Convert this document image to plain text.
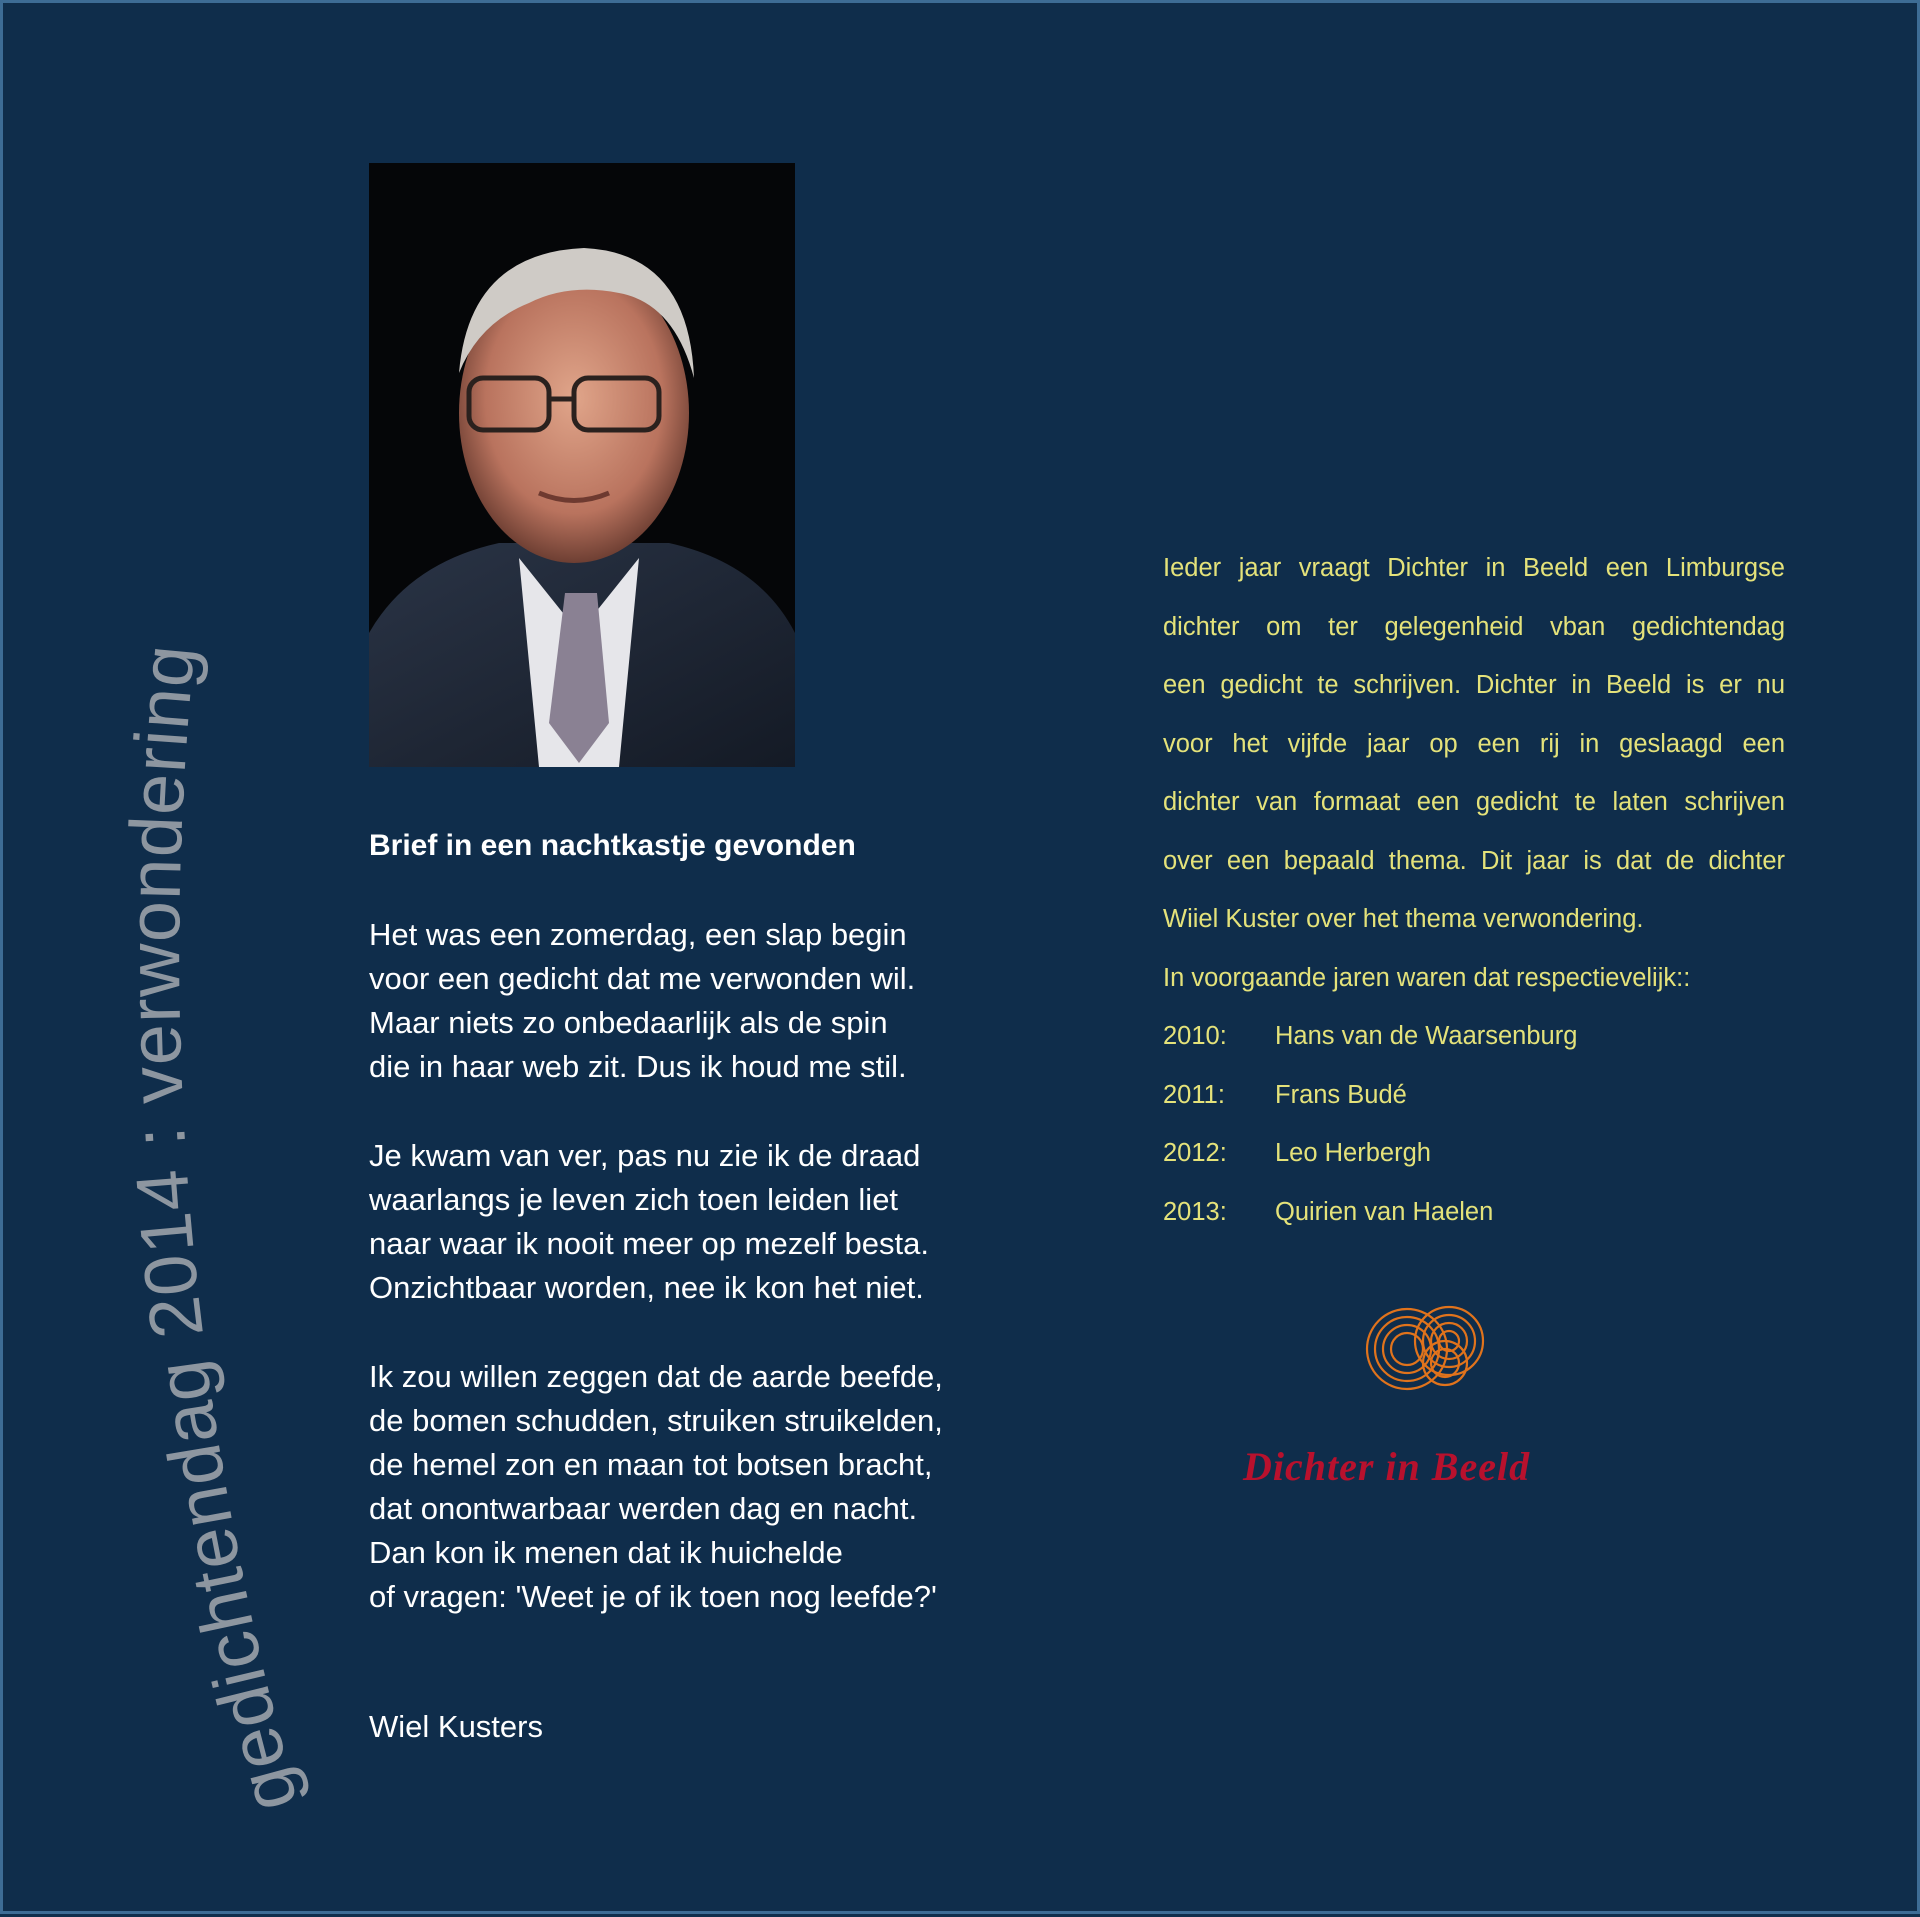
gedichtendag 2014 : verwondering
Brief in een nachtkastje gevonden
Het was een zomerdag, een slap begin
voor een gedicht dat me verwonden wil.
Maar niets zo onbedaarlijk als de spin
die in haar web zit. Dus ik houd me stil.
Je kwam van ver, pas nu zie ik de draad
waarlangs je leven zich toen leiden liet
naar waar ik nooit meer op mezelf besta.
Onzichtbaar worden, nee ik kon het niet.
Ik zou willen zeggen dat de aarde beefde,
de bomen schudden, struiken struikelden,
de hemel zon en maan tot botsen bracht,
dat onontwarbaar werden dag en nacht.
Dan kon ik menen dat ik huichelde
of vragen: 'Weet je of ik toen nog leefde?'
Wiel Kusters
Ieder jaar vraagt Dichter in Beeld een Limburgse
dichter om ter gelegenheid vban gedichtendag
een gedicht te schrijven. Dichter in Beeld is er nu
voor het vijfde jaar op een rij in geslaagd een
dichter van formaat een gedicht te laten schrijven
over een bepaald thema. Dit jaar is dat de dichter
Wiiel Kuster over het thema verwondering.
In voorgaande jaren waren dat respectievelijk::
2010:	Hans van de Waarsenburg
2011:	Frans Budé
2012:	Leo Herbergh
2013:	Quirien van Haelen
Dichter in Beeld
